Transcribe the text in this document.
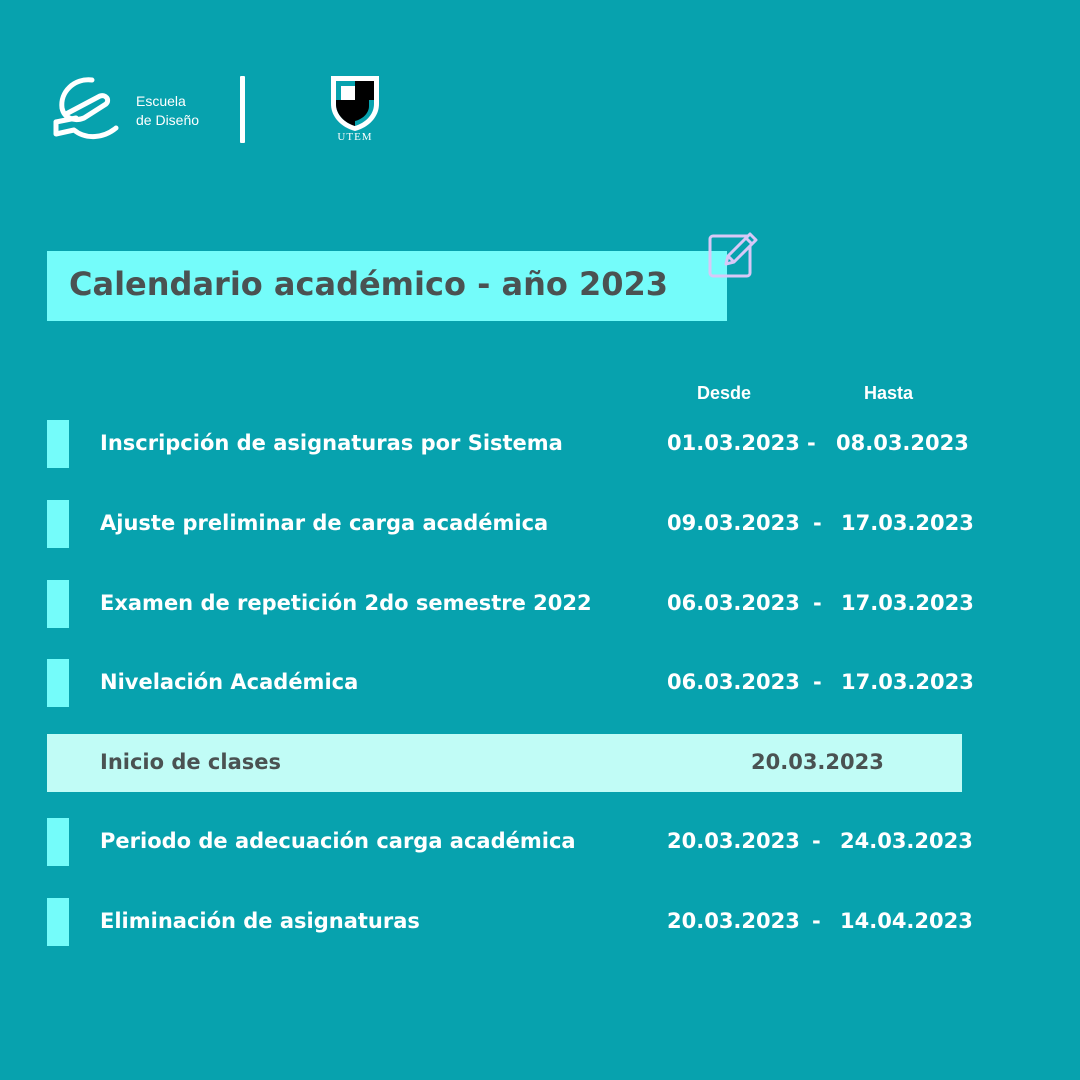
Escuela
de Diseño
UTEM
Calendario académico - año 2023
Desde	Hasta
Inscripción de asignaturas por Sistema	01.03.2023 - 08.03.2023
Ajuste preliminar de carga académica	09.03.2023 - 17.03.2023
Examen de repetición 2do semestre 2022	06.03.2023 - 17.03.2023
Nivelación Académica	06.03.2023 - 17.03.2023
Inicio de clases	20.03.2023
Periodo de adecuación carga académica	20.03.2023 - 24.03.2023
Eliminación de asignaturas	20.03.2023 - 14.04.2023
